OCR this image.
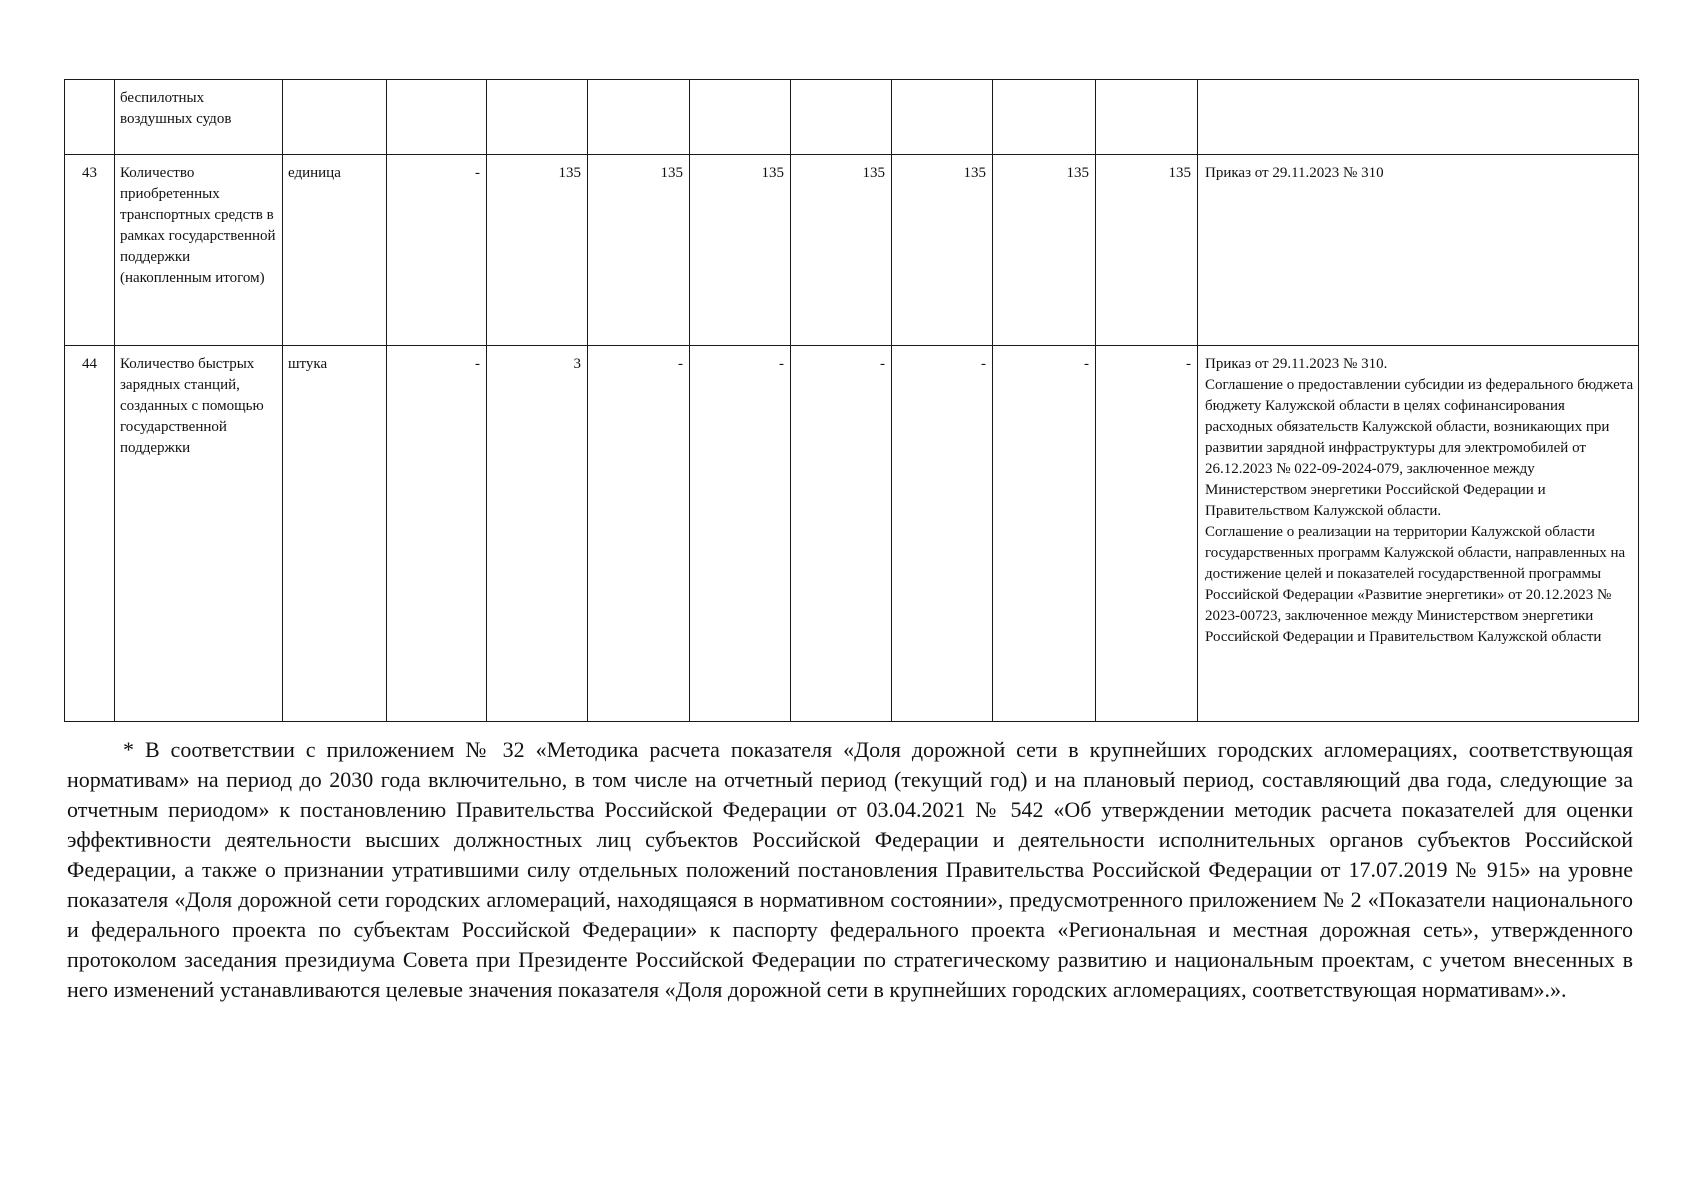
	беспилотных воздушных судов										
43	Количество приобретенных транспортных средств в рамках государственной поддержки (накопленным итогом)	единица	-	135	135	135	135	135	135	135	Приказ от 29.11.2023 № 310

44	Количество быстрых зарядных станций, созданных с помощью государственной поддержки	штука	-	3	-	-	-	-	-	-	Приказ от 29.11.2023 № 310.
Соглашение о предоставлении субсидии из федерального бюджета бюджету Калужской области в целях софинансирования расходных обязательств Калужской области, возникающих при развитии зарядной инфраструктуры для электромобилей от 26.12.2023 № 022-09-2024-079, заключенное между Министерством энергетики Российской Федерации и Правительством Калужской области.
Соглашение о реализации на территории Калужской области государственных программ Калужской области, направленных на достижение целей и показателей государственной программы Российской Федерации «Развитие энергетики» от 20.12.2023 № 2023-00723, заключенное между Министерством энергетики Российской Федерации и Правительством Калужской области

* В соответствии с приложением № 32 «Методика расчета показателя «Доля дорожной сети в крупнейших городских агломерациях, соответствующая нормативам» на период до 2030 года включительно, в том числе на отчетный период (текущий год) и на плановый период, составляющий два года, следующие за отчетным периодом» к постановлению Правительства Российской Федерации от 03.04.2021 № 542 «Об утверждении методик расчета показателей для оценки эффективности деятельности высших должностных лиц субъектов Российской Федерации и деятельности исполнительных органов субъектов Российской Федерации, а также о признании утратившими силу отдельных положений постановления Правительства Российской Федерации от 17.07.2019 № 915» на уровне показателя «Доля дорожной сети городских агломераций, находящаяся в нормативном состоянии», предусмотренного приложением № 2 «Показатели национального и федерального проекта по субъектам Российской Федерации» к паспорту федерального проекта «Региональная и местная дорожная сеть», утвержденного протоколом заседания президиума Совета при Президенте Российской Федерации по стратегическому развитию и национальным проектам, с учетом внесенных в него изменений устанавливаются целевые значения показателя «Доля дорожной сети в крупнейших городских агломерациях, соответствующая нормативам».».
